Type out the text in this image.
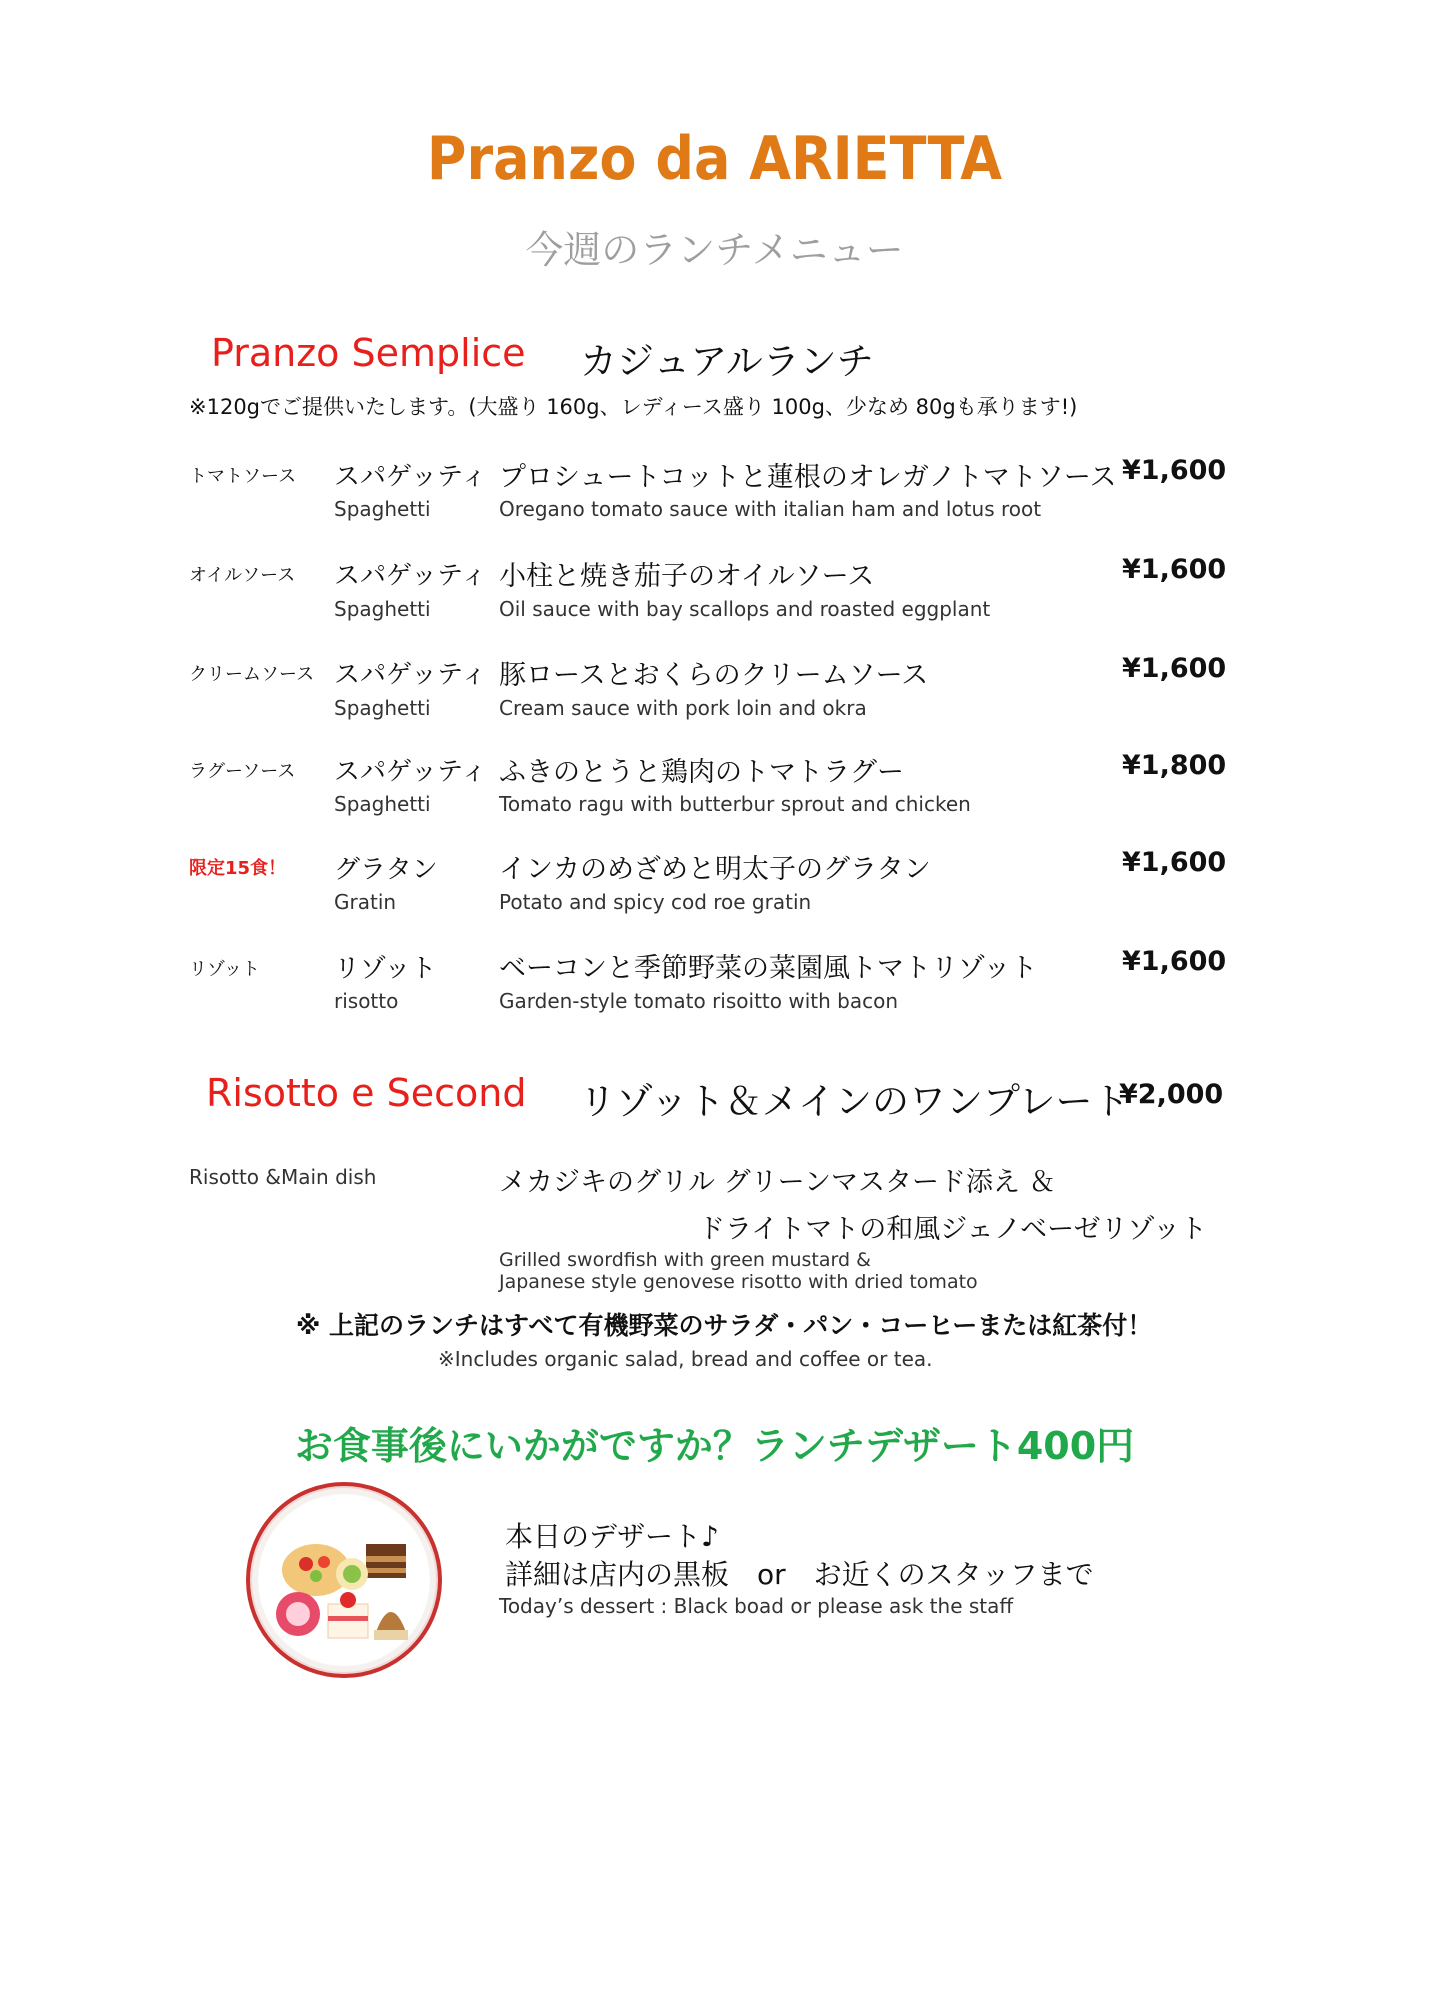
Pranzo da ARIETTA
今週のランチメニュー
Pranzo Semplice カジュアルランチ
※120gでご提供いたします。(大盛り 160g、レディース盛り 100g、少なめ 80gも承ります!)
トマトソース スパゲッティ
Spaghetti
プロシュートコットと蓮根のオレガノトマトソース
Oregano tomato sauce with italian ham and lotus root
¥1,600
オイルソース スパゲッティ
Spaghetti
小柱と焼き茄子のオイルソース
Oil sauce with bay scallops and roasted eggplant
¥1,600
クリームソース スパゲッティ
Spaghetti
豚ロースとおくらのクリームソース
Cream sauce with pork loin and okra
¥1,600
ラグーソース スパゲッティ
Spaghetti
ふきのとうと鶏肉のトマトラグー
Tomato ragu with butterbur sprout and chicken
¥1,800
限定15食！ グラタン
Gratin
インカのめざめと明太子のグラタン
Potato and spicy cod roe gratin
¥1,600
リゾット	リゾット
risotto
ベーコンと季節野菜の菜園風トマトリゾット
Garden-style tomato risoitto with bacon
¥1,600
Risotto e Second リゾット＆メインのワンプレート
¥2,000
Risotto &Main dish	メカジキのグリル グリーンマスタード添え ＆
ドライトマトの和風ジェノベーゼリゾット
Grilled swordfish with green mustard &
Japanese style genovese risotto with dried tomato
※ 上記のランチはすべて有機野菜のサラダ・パン・コーヒーまたは紅茶付！
※Includes organic salad, bread and coffee or tea.
お食事後にいかがですか？ランチデザート400円
本日のデザート♪
詳細は店内の黒板　or　お近くのスタッフまで
Today’s dessert : Black boad or please ask the staff
